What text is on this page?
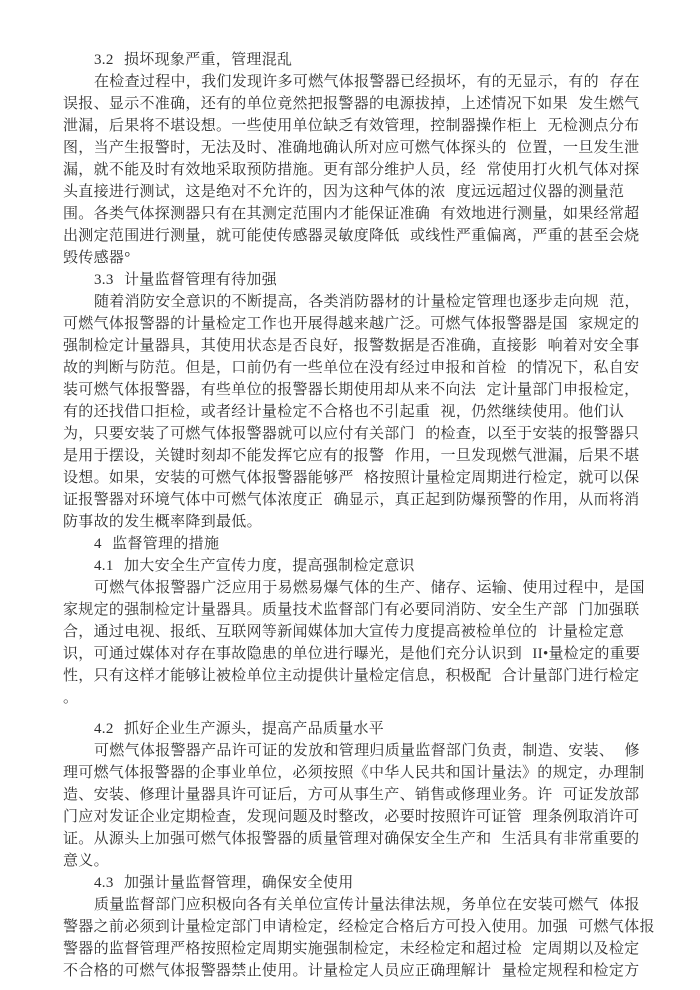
3.2 损坏现象严重，管理混乱
在检查过程中，我们发现许多可燃气体报警器已经损坏，有的无显示，有的 存在
误报、显示不准确，还有的单位竟然把报警器的电源拔掉，上述情况下如果 发生燃气
泄漏，后果将不堪设想。一些使用单位缺乏有效管理，控制器操作柜上 无检测点分布
图，当产生报警时，无法及时、准确地确认所对应可燃气体探头的 位置，一旦发生泄
漏，就不能及时有效地采取预防措施。更有部分维护人员，经 常使用打火机气体对探
头直接进行测试，这是绝对不允许的，因为这种气体的浓 度远远超过仪器的测量范
围。各类气体探测器只有在其测定范围内才能保证准确 有效地进行测量，如果经常超
出测定范围进行测量，就可能使传感器灵敏度降低 或线性严重偏离，严重的甚至会烧
毁传感器°
3.3 计量监督管理有待加强
随着消防安全意识的不断提高，各类消防器材的计量检定管理也逐步走向规 范，
可燃气体报警器的计量检定工作也开展得越来越广泛。可燃气体报警器是国 家规定的
强制检定计量器具，其使用状态是否良好，报警数据是否准确，直接影 响着对安全事
故的判断与防范。但是，口前仍有一些单位在没有经过申报和首检 的情况下，私自安
装可燃气体报警器，有些单位的报警器长期使用却从来不向法 定计量部门申报检定，
有的还找借口拒检，或者经计量检定不合格也不引起重 视，仍然继续使用。他们认
为，只要安装了可燃气体报警器就可以应付有关部门 的检查，以至于安装的报警器只
是用于摆设，关键时刻却不能发挥它应有的报警 作用，一旦发现燃气泄漏，后果不堪
设想。如果，安装的可燃气体报警器能够严 格按照计量检定周期进行检定，就可以保
证报警器对环境气体中可燃气体浓度正 确显示，真正起到防爆预警的作用，从而将消
防事故的发生概率降到最低。
4 监督管理的措施
4.1 加大安全生产宣传力度，提高强制检定意识
可燃气体报警器广泛应用于易燃易爆气体的生产、储存、运输、使用过程中，是国
家规定的强制检定计量器具。质量技术监督部门有必要同消防、安全生产部 门加强联
合，通过电视、报纸、互联网等新闻媒体加大宣传力度提高被检单位的 计量检定意
识，可通过媒体对存在事故隐患的单位进行曝光，是他们充分认识到 II•量检定的重要
性，只有这样才能够让被检单位主动提供计量检定信息，积极配 合计量部门进行检定
。
4.2 抓好企业生产源头，提高产品质量水平
可燃气体报警器产品许可证的发放和管理归质量监督部门负责，制造、安装、 修
理可燃气体报警器的企事业单位，必须按照《中华人民共和国计量法》的规定，办理制
造、安装、修理计量器具许可证后，方可从事生产、销售或修理业务。许 可证发放部
门应对发证企业定期检查，发现问题及时整改，必要时按照许可证管 理条例取消许可
证。从源头上加强可燃气体报警器的质量管理对确保安全生产和 生活具有非常重要的
意义。
4.3 加强计量监督管理，确保安全使用
质量监督部门应积极向各有关单位宣传计量法律法规，务单位在安装可燃气 体报
警器之前必须到计量检定部门申请检定，经检定合格后方可投入使用。加强 可燃气体报
警器的监督管理严格按照检定周期实施强制检定，未经检定和超过检 定周期以及检定
不合格的可燃气体报警器禁止使用。计量检定人员应正确理解计 量检定规程和检定方
